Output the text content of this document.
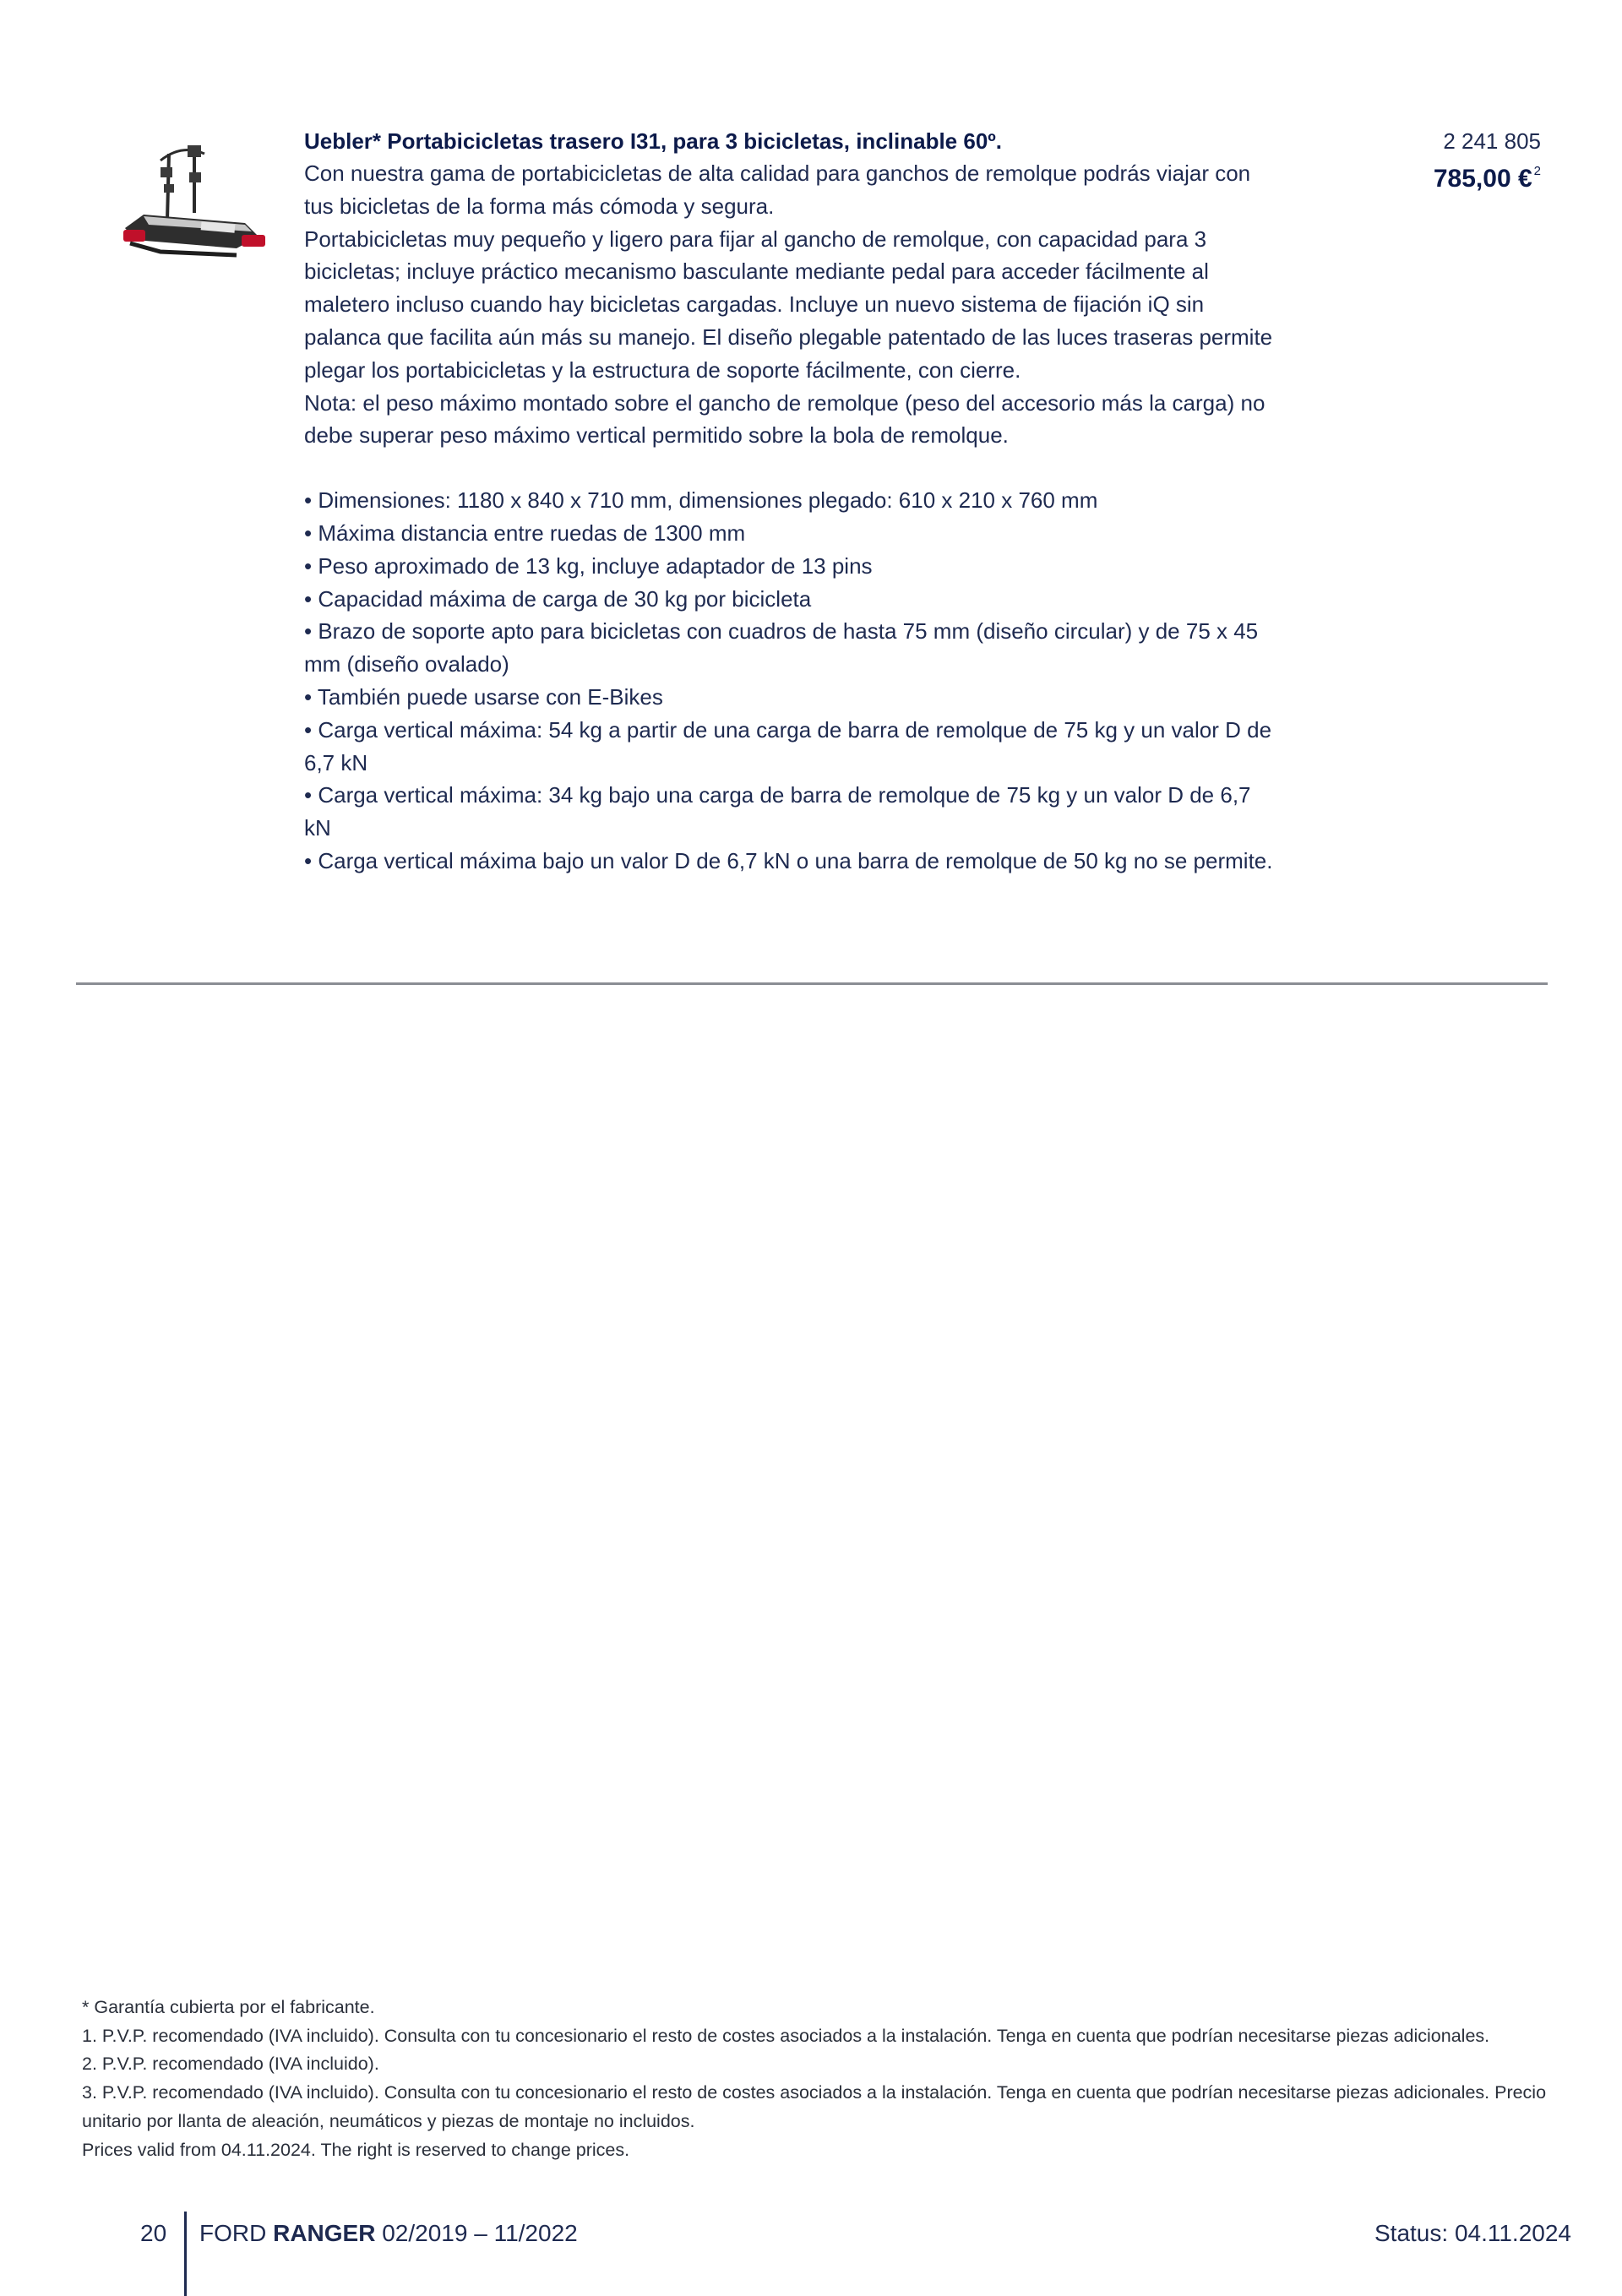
Uebler* Portabicicletas trasero I31, para 3 bicicletas, inclinable 60º.

Con nuestra gama de portabicicletas de alta calidad para ganchos de remolque podrás viajar con tus bicicletas de la forma más cómoda y segura.

Portabicicletas muy pequeño y ligero para fijar al gancho de remolque, con capacidad para 3 bicicletas; incluye práctico mecanismo basculante mediante pedal para acceder fácilmente al maletero incluso cuando hay bicicletas cargadas. Incluye un nuevo sistema de fijación iQ sin palanca que facilita aún más su manejo. El diseño plegable patentado de las luces traseras permite plegar los portabicicletas y la estructura de soporte fácilmente, con cierre.

Nota: el peso máximo montado sobre el gancho de remolque (peso del accesorio más la carga) no debe superar peso máximo vertical permitido sobre la bola de remolque.

• Dimensiones: 1180 x 840 x 710 mm, dimensiones plegado: 610 x 210 x 760 mm
• Máxima distancia entre ruedas de 1300 mm
• Peso aproximado de 13 kg, incluye adaptador de 13 pins
• Capacidad máxima de carga de 30 kg por bicicleta
• Brazo de soporte apto para bicicletas con cuadros de hasta 75 mm (diseño circular) y de 75 x 45 mm (diseño ovalado)
• También puede usarse con E-Bikes
• Carga vertical máxima: 54 kg a partir de una carga de barra de remolque de 75 kg y un valor D de 6,7 kN
• Carga vertical máxima: 34 kg bajo una carga de barra de remolque de 75 kg y un valor D de 6,7 kN
• Carga vertical máxima bajo un valor D de 6,7 kN o una barra de remolque de 50 kg no se permite.
2 241 805
785,00 € $^2$

* Garantía cubierta por el fabricante.

1. P.V.P. recomendado (IVA incluido). Consulta con tu concesionario el resto de costes asociados a la instalación. Tenga en cuenta que podrían necesitarse piezas adicionales.

2. P.V.P. recomendado (IVA incluido).

3. P.V.P. recomendado (IVA incluido). Consulta con tu concesionario el resto de costes asociados a la instalación. Tenga en cuenta que podrían necesitarse piezas adicionales. Precio unitario por llanta de aleación, neumáticos y piezas de montaje no incluidos.

Prices valid from 04.11.2024. The right is reserved to change prices.

20 FORD RANGER 02/2019 – 11/2022	Status: 04.11.2024
